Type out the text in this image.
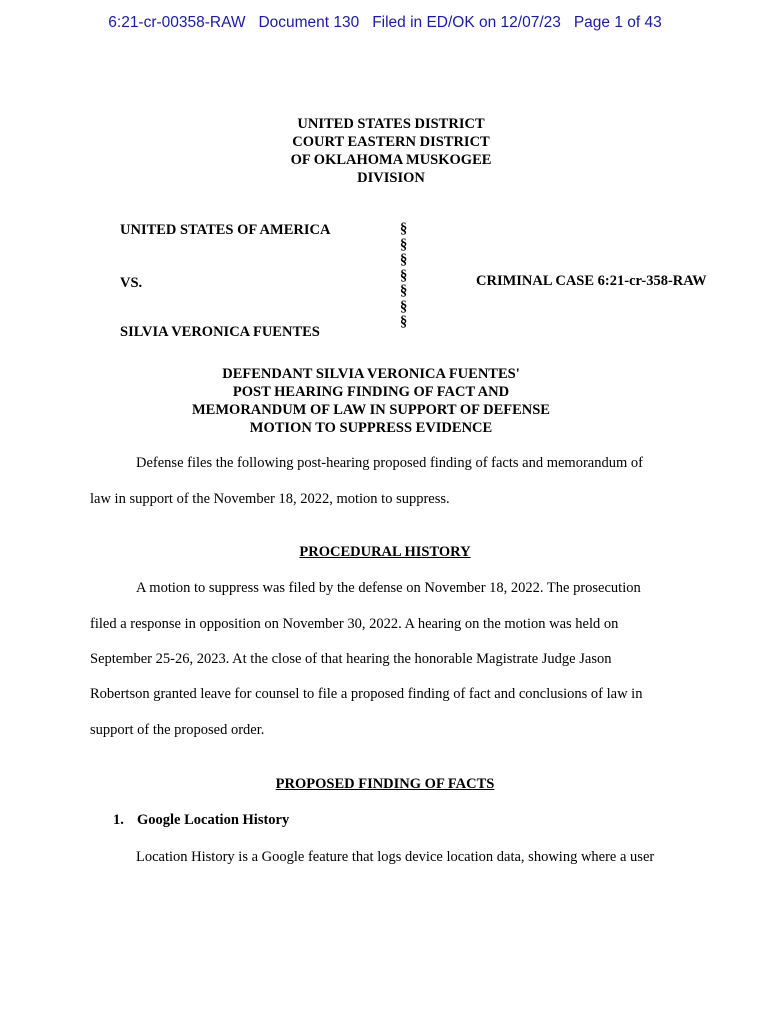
6:21-cr-00358-RAW Document 130 Filed in ED/OK on 12/07/23 Page 1 of 43
UNITED STATES DISTRICT
COURT EASTERN DISTRICT
OF OKLAHOMA MUSKOGEE
DIVISION
UNITED STATES OF AMERICA
VS.
SILVIA VERONICA FUENTES
§
§
§
§
§
§
§
CRIMINAL CASE 6:21-cr-358-RAW
DEFENDANT SILVIA VERONICA FUENTES'
POST HEARING FINDING OF FACT AND
MEMORANDUM OF LAW IN SUPPORT OF DEFENSE
MOTION TO SUPPRESS EVIDENCE
Defense files the following post-hearing proposed finding of facts and memorandum of
law in support of the November 18, 2022, motion to suppress.
PROCEDURAL HISTORY
A motion to suppress was filed by the defense on November 18, 2022. The prosecution
filed a response in opposition on November 30, 2022. A hearing on the motion was held on
September 25-26, 2023. At the close of that hearing the honorable Magistrate Judge Jason
Robertson granted leave for counsel to file a proposed finding of fact and conclusions of law in
support of the proposed order.
PROPOSED FINDING OF FACTS
1. Google Location History
Location History is a Google feature that logs device location data, showing where a user
